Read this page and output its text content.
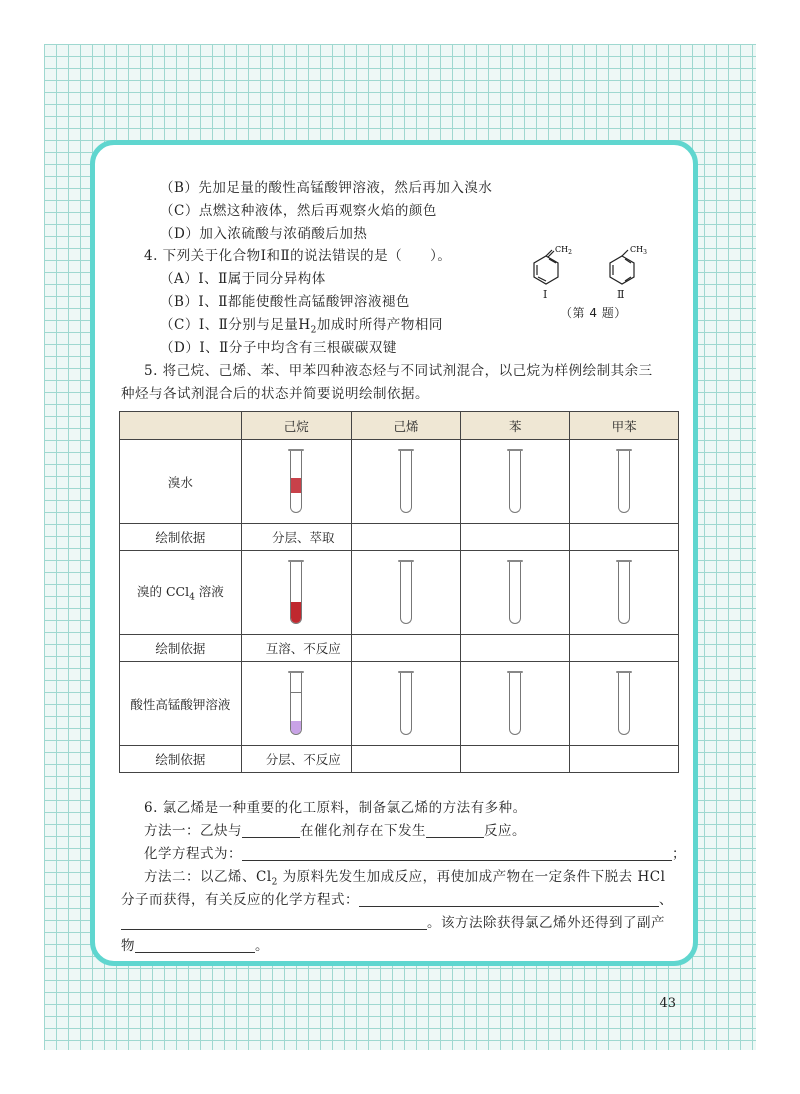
（B）先加足量的酸性高锰酸钾溶液，然后再加入溴水
（C）点燃这种液体，然后再观察火焰的颜色
（D）加入浓硫酸与浓硝酸后加热
4. 下列关于化合物Ⅰ和Ⅱ的说法错误的是（　　）。
（A）Ⅰ、Ⅱ属于同分异构体
（B）Ⅰ、Ⅱ都能使酸性高锰酸钾溶液褪色
（C）Ⅰ、Ⅱ分别与足量$H_2$加成时所得产物相同
（D）Ⅰ、Ⅱ分子中均含有三根碳碳双键
$CH_2$	$CH_3$
Ⅰ	Ⅱ
（第 4 题）
5. 将己烷、己烯、苯、甲苯四种液态烃与不同试剂混合，以己烷为样例绘制其余三
种烃与各试剂混合后的状态并简要说明绘制依据。
	己烷	己烯	苯	甲苯
溴水	

绘制依据	分层、萃取			
溴的 CCl$_4$ 溶液	

绘制依据	互溶、不反应			
酸性高锰酸钾溶液	

绘制依据	分层、不反应			
6. 氯乙烯是一种重要的化工原料，制备氯乙烯的方法有多种。
方法一：乙炔与	在催化剂存在下发生	反应。
化学方程式为：	；
方法二：以乙烯、$Cl_2$ 为原料先发生加成反应，再使加成产物在一定条件下脱去 HCl
分子而获得，有关反应的化学方程式：	、
。该方法除获得氯乙烯外还得到了副产
物	。
43
